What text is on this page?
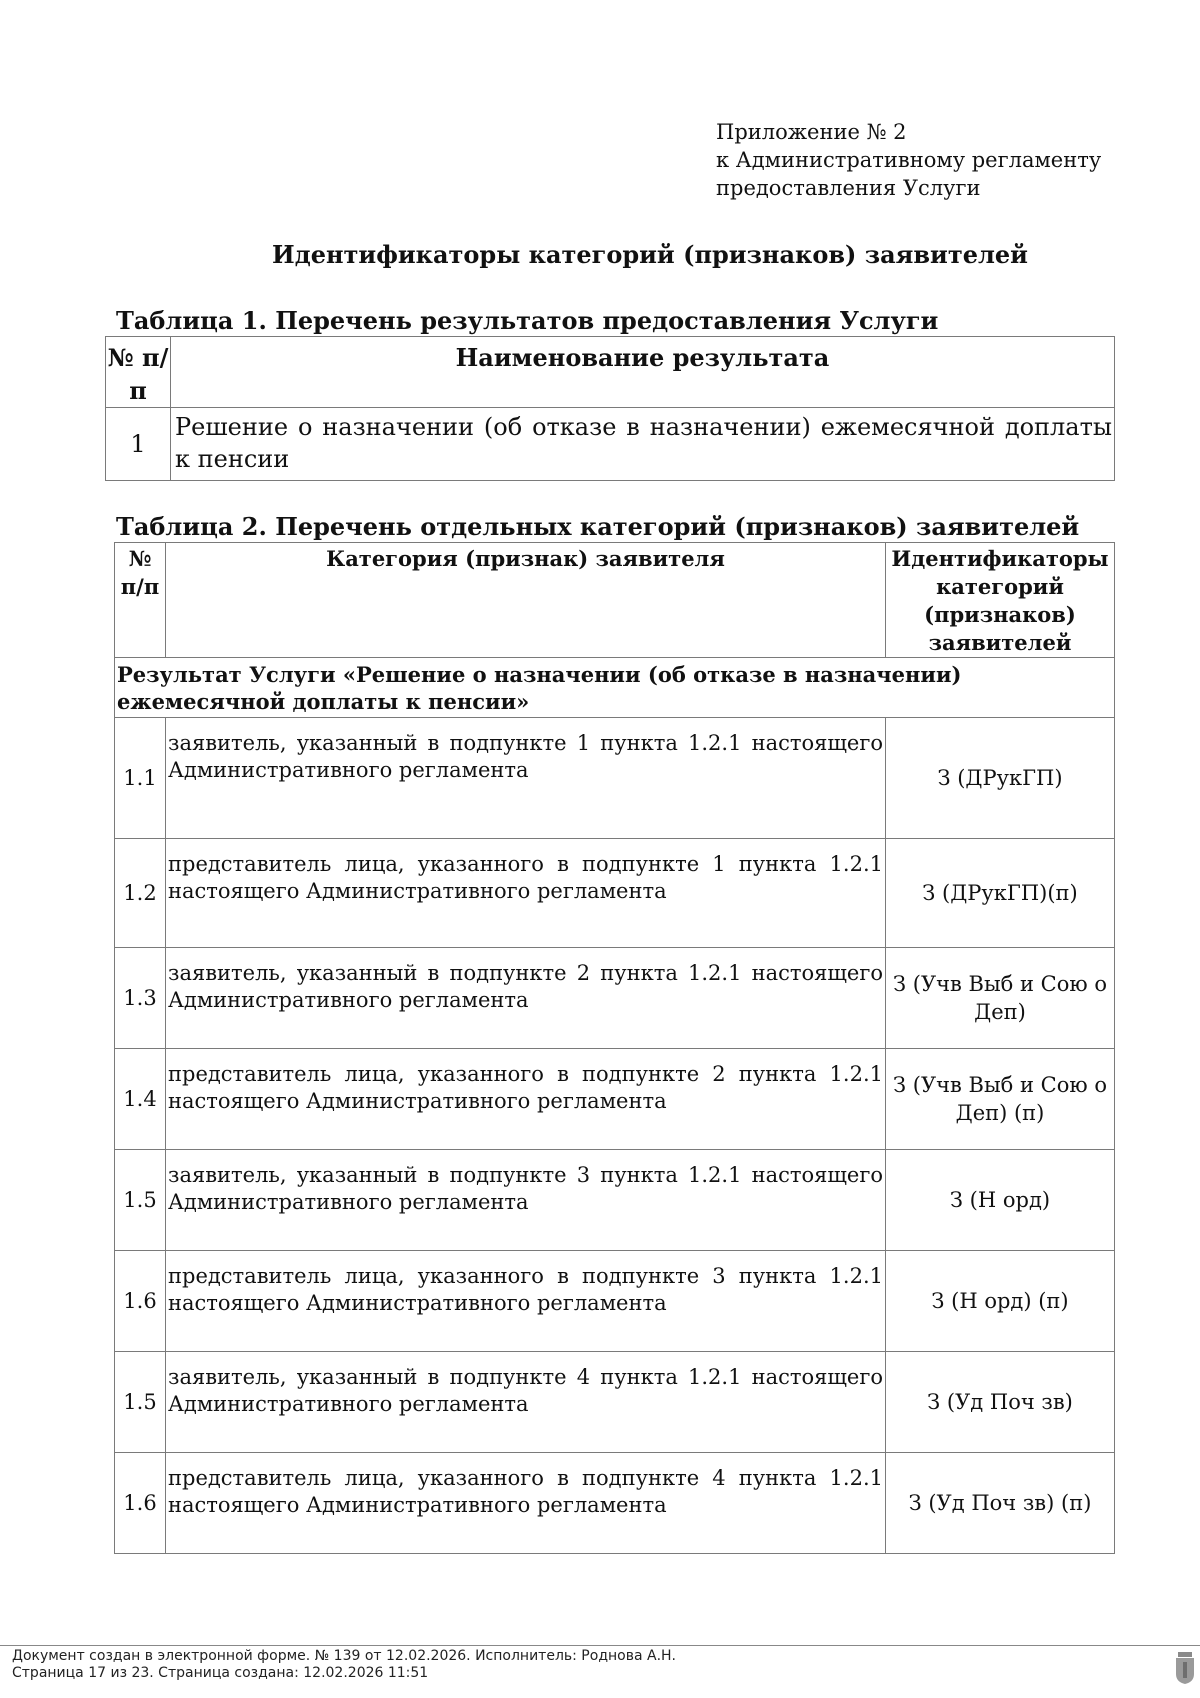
Приложение № 2
к Административному регламенту
предоставления Услуги
Идентификаторы категорий (признаков) заявителей
Таблица 1. Перечень результатов предоставления Услуги
№ п/п	Наименование результата
1	Решение о назначении (об отказе в назначении) ежемесячной доплаты к пенсии
Таблица 2. Перечень отдельных категорий (признаков) заявителей
№ п/п	Категория (признак) заявителя	Идентификаторы категорий (признаков) заявителей
Результат Услуги «Решение о назначении (об отказе в назначении) ежемесячной доплаты к пенсии»		
1.1	заявитель, указанный в подпункте 1 пункта 1.2.1 настоящего Административного регламента	З (ДРукГП)
1.2	представитель лица, указанного в подпункте 1 пункта 1.2.1 настоящего Административного регламента	З (ДРукГП)(п)
1.3	заявитель, указанный в подпункте 2 пункта 1.2.1 настоящего Административного регламента	З (Учв Выб и Сою о Деп)
1.4	представитель лица, указанного в подпункте 2 пункта 1.2.1 настоящего Административного регламента	З (Учв Выб и Сою о Деп) (п)
1.5	заявитель, указанный в подпункте 3 пункта 1.2.1 настоящего Административного регламента	З (Н орд)
1.6	представитель лица, указанного в подпункте 3 пункта 1.2.1 настоящего Административного регламента	З (Н орд) (п)
1.5	заявитель, указанный в подпункте 4 пункта 1.2.1 настоящего Административного регламента	З (Уд Поч зв)
1.6	представитель лица, указанного в подпункте 4 пункта 1.2.1 настоящего Административного регламента	З (Уд Поч зв) (п)
Документ создан в электронной форме. № 139 от 12.02.2026. Исполнитель: Роднова А.Н.
Страница 17 из 23. Страница создана: 12.02.2026 11:51
